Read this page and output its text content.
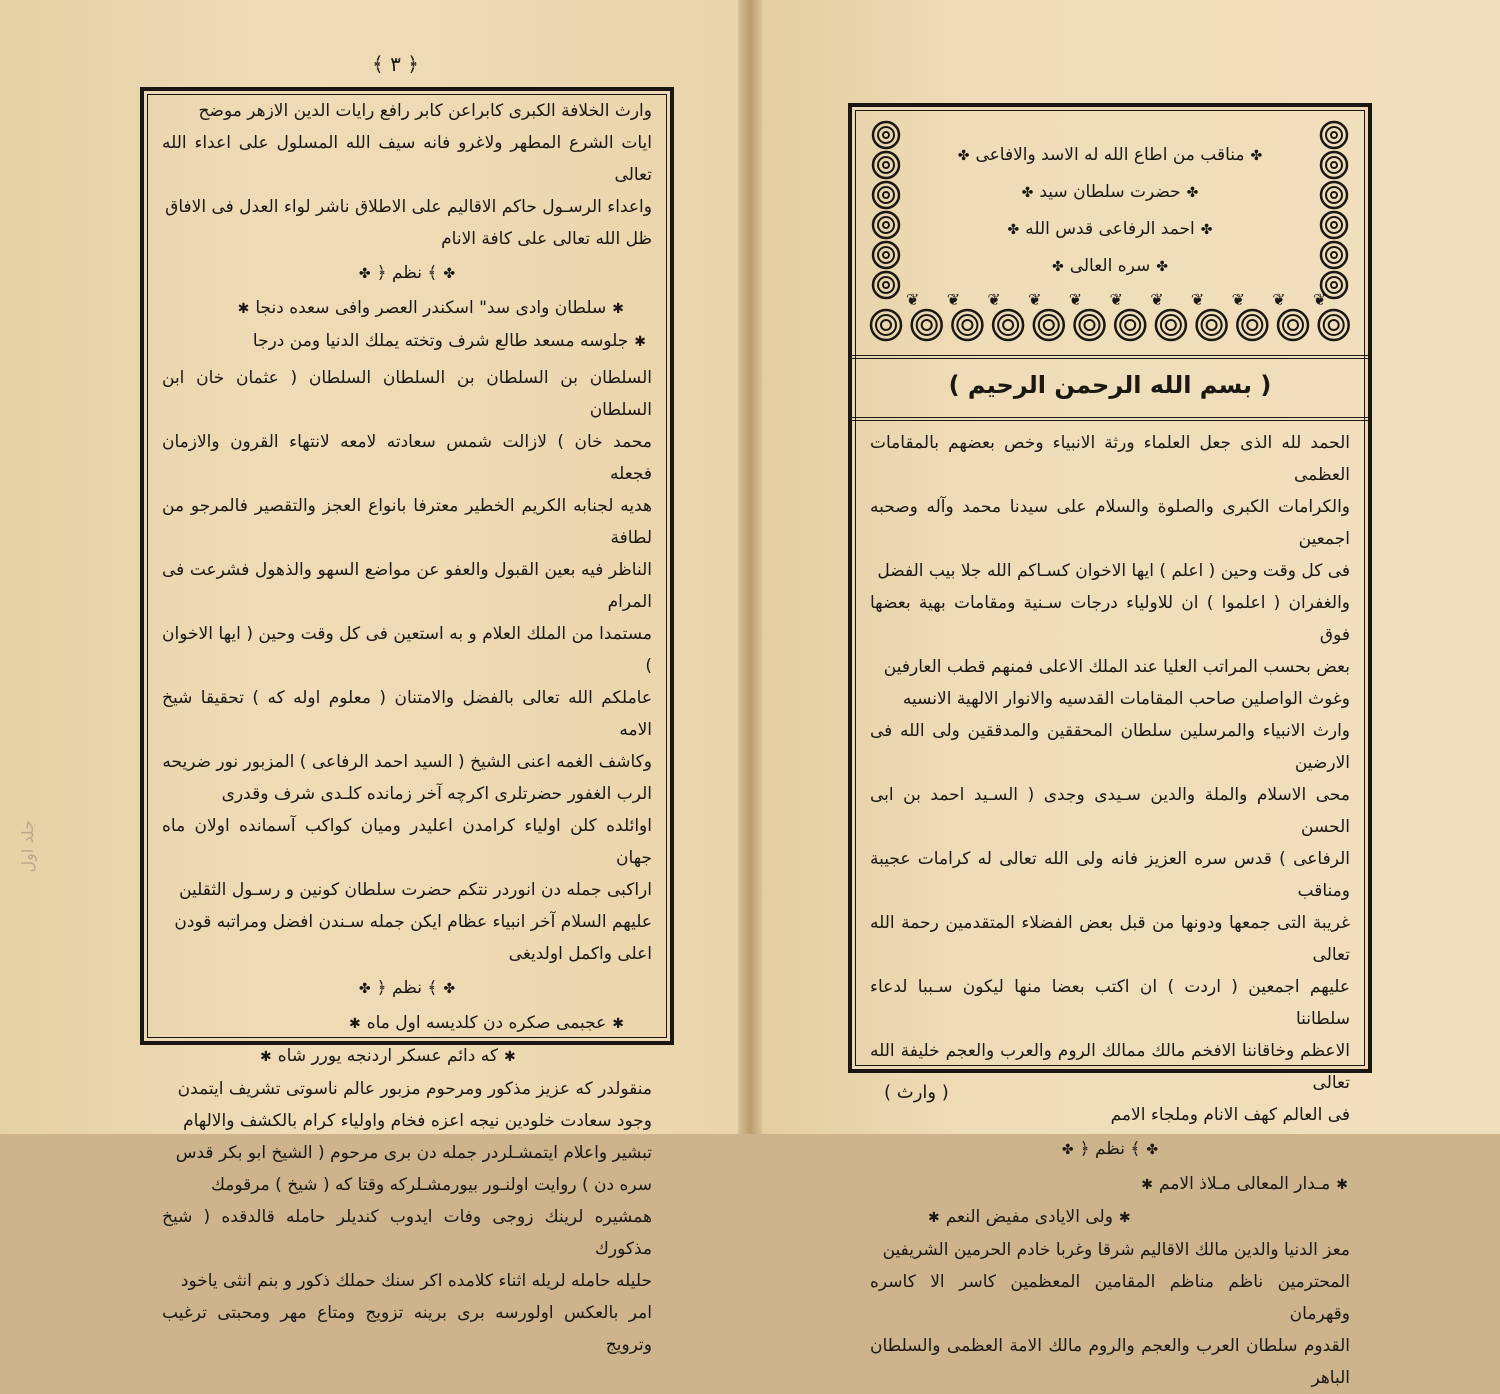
﴿ ٣ ﴾
جلد اول
وارث الخلافة الكبرى كابراعن كابر رافع رايات الدين الازهر موضح
ايات الشرع المطهر ولاغرو فانه سيف الله المسلول على اعداء الله تعالى
واعداء الرسـول حاكم الاقاليم على الاطلاق ناشر لواء العدل فى الافاق
ظل الله تعالى على كافة الانام
✤﴾ نظم ﴿✤
✱سلطان وادى سد" اسكندر العصر وافى سعده دنجا✱
✱جلوسه مسعد طالع شرف وتخته يملك الدنيا ومن درجا
السلطان بن السلطان بن السلطان السلطان ( عثمان خان ابن السلطان
محمد خان ) لازالت شمس سعادته لامعه لانتهاء القرون والازمان فجعله
هديه لجنابه الكريم الخطير معترفا بانواع العجز والتقصير فالمرجو من لطافة
الناظر فيه بعين القبول والعفو عن مواضع السهو والذهول فشرعت فى المرام
مستمدا من الملك العلام و به استعين فى كل وقت وحين ( ايها الاخوان )
عاملكم الله تعالى بالفضل والامتنان ( معلوم اوله كه ) تحقيقا شيخ الامه
وكاشف الغمه اعنى الشيخ ( السيد احمد الرفاعى ) المزبور نور ضريحه
الرب الغفور حضرتلرى اكرچه آخر زمانده كلـدى شرف وقدرى
اوائلده كلن اولياء كرامدن اعليدر وميان كواكب آسمانده اولان ماه جهان
اراكبى جمله دن انوردر نتكم حضرت سلطان كونين و رسـول الثقلين
عليهم السلام آخر انبياء عظام ايكن جمله سـندن افضل ومراتبه قودن
اعلى واكمل اولديغى
✤﴾ نظم ﴿✤
✱عجبمى صكره دن كلديسه اول ماه✱
✱كه دائم عسكر اردنجه يورر شاه✱
منقولدر كه عزيز مذكور ومرحوم مزبور عالم ناسوتى تشريف ايتمدن
وجود سعادت خلودين نيجه اعزه فخام واولياء كرام بالكشف والالهام
تبشير واعلام ايتمشـلردر جمله دن برى مرحوم ( الشيخ ابو بكر قدس
سره دن ) روايت اولنـور بيورمشـلركه وقتا كه ( شيخ ) مرقومك
همشيره لرينك زوجى وفات ايدوب كنديلر حامله قالدقده ( شيخ مذكورك
حليله حامله لريله اثناء كلامده اكر سنك حملك ذكور و بنم انثى ياخود
امر بالعكس اولورسه برى برينه تزويج ومتاع مهر ومحبتى ترغيب وترويج
❦ ❦ ❦ ❦ ❦ ❦ ❦ ❦ ❦ ❦ ❦
✤مناقب من اطاع الله له الاسد والافاعى✤
✤حضرت سلطان سيد✤
✤احمد الرفاعى قدس الله✤
✤سره العالى✤
( بسم الله الرحمن الرحيم )
الحمد لله الذى جعل العلماء ورثة الانبياء وخص بعضهم بالمقامات العظمى
والكرامات الكبرى والصلوة والسلام على سيدنا محمد وآله وصحبه اجمعين
فى كل وقت وحين ( اعلم ) ايها الاخوان كسـاكم الله جلا بيب الفضل
والغفران ( اعلموا ) ان للاولياء درجات سـنية ومقامات بهية بعضها فوق
بعض بحسب المراتب العليا عند الملك الاعلى فمنهم قطب العارفين
وغوث الواصلين صاحب المقامات القدسيه والانوار الالهية الانسيه
وارث الانبياء والمرسلين سلطان المحققين والمدققين ولى الله فى الارضين
محى الاسلام والملة والدين سـيدى وجدى ( السـيد احمد بن ابى الحسن
الرفاعى ) قدس سره العزيز فانه ولى الله تعالى له كرامات عجيبة ومناقب
غريبة التى جمعها ودونها من قبل بعض الفضلاء المتقدمين رحمة الله تعالى
عليهم اجمعين ( اردت ) ان اكتب بعضا منها ليكون سـببا لدعاء سلطاننا
الاعظم وخاقاننا الافخم مالك ممالك الروم والعرب والعجم خليفة الله تعالى
فى العالم كهف الانام وملجاء الامم
✤﴾ نظم ﴿✤
✱مـدار المعالى مـلاذ الامم✱
✱ولى الايادى مفيض النعم✱
معز الدنيا والدين مالك الاقاليم شرقا وغربا خادم الحرمين الشريفين
المحترمين ناظم مناظم المقامين المعظمين كاسر الا كاسره وقهرمان
القدوم سلطان العرب والعجم والروم مالك الامة العظمى والسلطان الباهر
( وارث )
